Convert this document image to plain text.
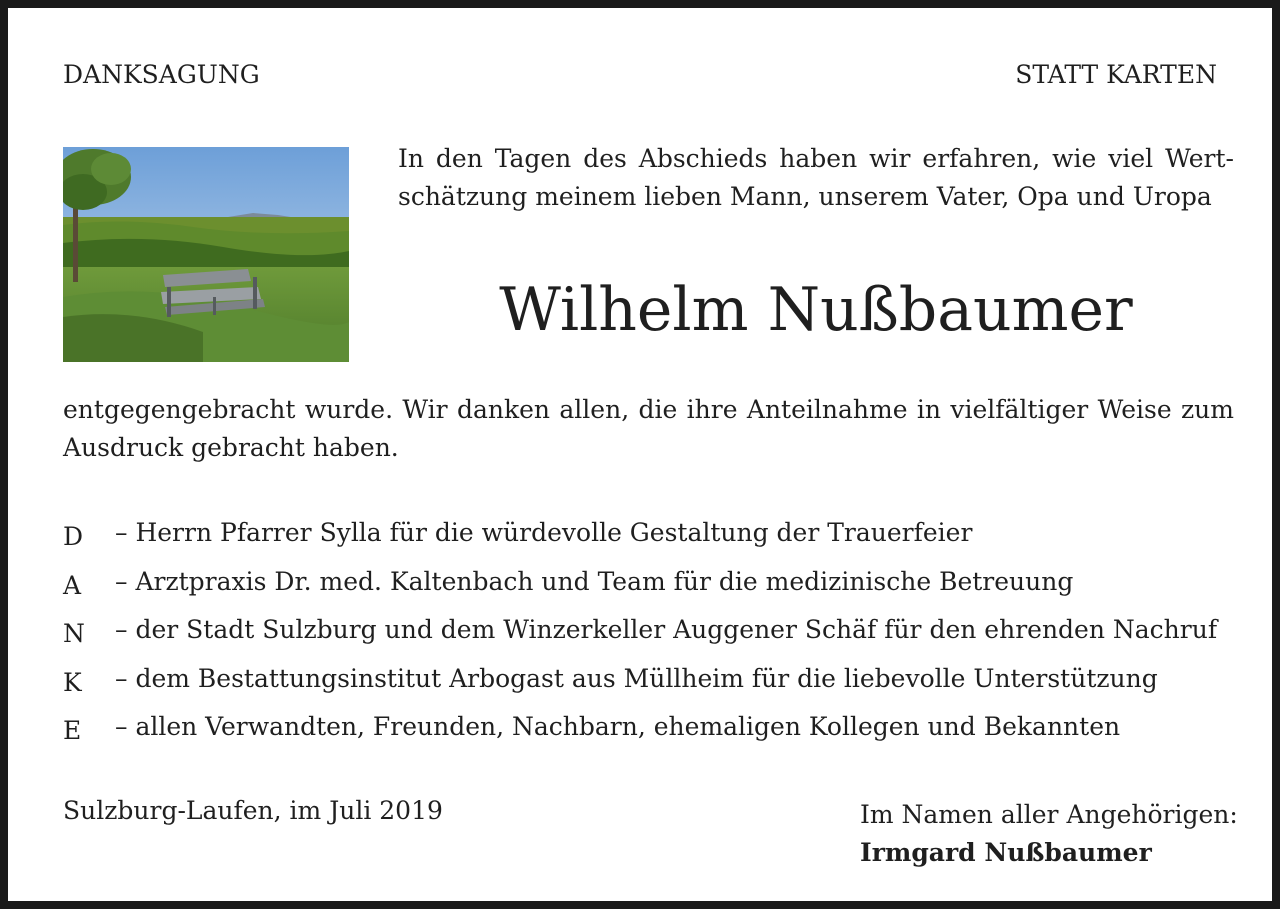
DANKSAGUNG	STATT KARTEN
In den Tagen des Abschieds haben wir erfahren, wie viel Wert-
schätzung meinem lieben Mann, unserem Vater, Opa und Uropa
Wilhelm Nußbaumer
entgegengebracht wurde. Wir danken allen, die ihre Anteilnahme in vielfältiger Weise zum
Ausdruck gebracht haben.
D	– Herrn Pfarrer Sylla für die würdevolle Gestaltung der Trauerfeier
A	– Arztpraxis Dr. med. Kaltenbach und Team für die medizinische Betreuung
N	– der Stadt Sulzburg und dem Winzerkeller Auggener Schäf für den ehrenden Nachruf
K	– dem Bestattungsinstitut Arbogast aus Müllheim für die liebevolle Unterstützung
E	– allen Verwandten, Freunden, Nachbarn, ehemaligen Kollegen und Bekannten
Sulzburg-Laufen, im Juli 2019	Im Namen aller Angehörigen:
Irmgard Nußbaumer
